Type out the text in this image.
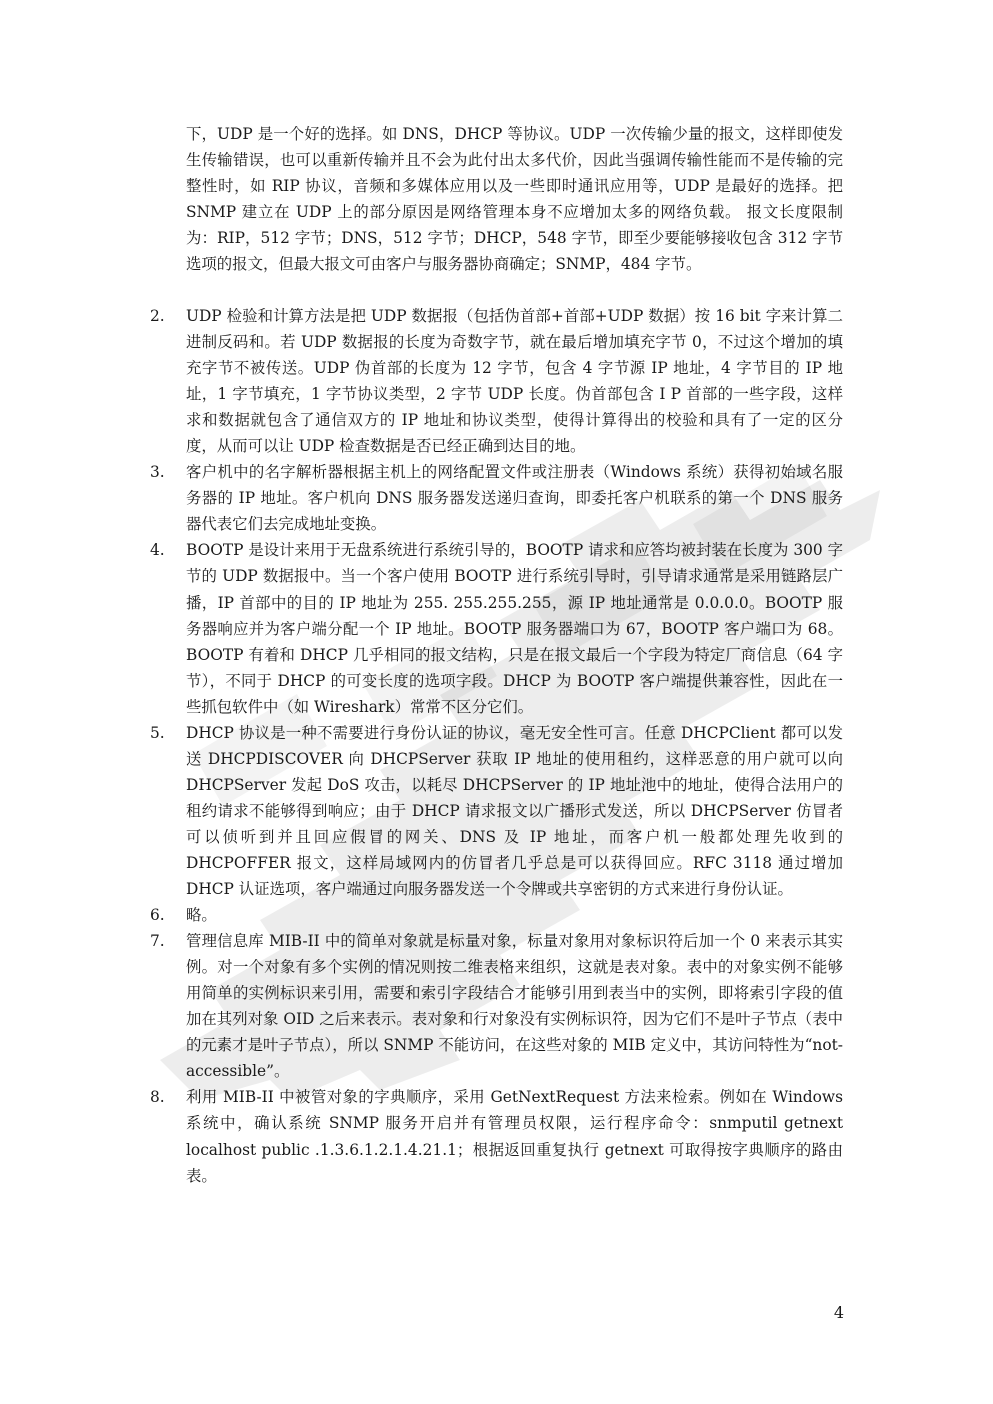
下，UDP 是一个好的选择。如 DNS，DHCP 等协议。UDP 一次传输少量的报文，这样即使发生传输错误，也可以重新传输并且不会为此付出太多代价，因此当强调传输性能而不是传输的完整性时，如 RIP 协议，音频和多媒体应用以及一些即时通讯应用等，UDP 是最好的选择。把 SNMP 建立在 UDP 上的部分原因是网络管理本身不应增加太多的网络负载。 报文长度限制为：RIP，512 字节；DNS，512 字节；DHCP，548 字节，即至少要能够接收包含 312 字节选项的报文，但最大报文可由客户与服务器协商确定；SNMP，484 字节。

2.	UDP 检验和计算方法是把 UDP 数据报（包括伪首部+首部+UDP 数据）按 16 bit 字来计算二进制反码和。若 UDP 数据报的长度为奇数字节，就在最后增加填充字节 0，不过这个增加的填充字节不被传送。UDP 伪首部的长度为 12 字节，包含 4 字节源 IP 地址，4 字节目的 IP 地址，1 字节填充，1 字节协议类型，2 字节 UDP 长度。伪首部包含 I P 首部的一些字段，这样求和数据就包含了通信双方的 IP 地址和协议类型，使得计算得出的校验和具有了一定的区分度，从而可以让 UDP 检查数据是否已经正确到达目的地。
3.	客户机中的名字解析器根据主机上的网络配置文件或注册表（Windows 系统）获得初始域名服务器的 IP 地址。客户机向 DNS 服务器发送递归查询，即委托客户机联系的第一个 DNS 服务器代表它们去完成地址变换。
4.	BOOTP 是设计来用于无盘系统进行系统引导的，BOOTP 请求和应答均被封装在长度为 300 字节的 UDP 数据报中。当一个客户使用 BOOTP 进行系统引导时，引导请求通常是采用链路层广播，IP 首部中的目的 IP 地址为 255. 255.255.255，源 IP 地址通常是 0.0.0.0。BOOTP 服务器响应并为客户端分配一个 IP 地址。BOOTP 服务器端口为 67，BOOTP 客户端口为 68。BOOTP 有着和 DHCP 几乎相同的报文结构，只是在报文最后一个字段为特定厂商信息（64 字节），不同于 DHCP 的可变长度的选项字段。DHCP 为 BOOTP 客户端提供兼容性，因此在一些抓包软件中（如 Wireshark）常常不区分它们。
5.	DHCP 协议是一种不需要进行身份认证的协议，毫无安全性可言。任意 DHCPClient 都可以发送 DHCPDISCOVER 向 DHCPServer 获取 IP 地址的使用租约，这样恶意的用户就可以向 DHCPServer 发起 DoS 攻击，以耗尽 DHCPServer 的 IP 地址池中的地址，使得合法用户的租约请求不能够得到响应；由于 DHCP 请求报文以广播形式发送，所以 DHCPServer 仿冒者可以侦听到并且回应假冒的网关、DNS 及 IP 地址，而客户机一般都处理先收到的 DHCPOFFER 报文，这样局域网内的仿冒者几乎总是可以获得回应。RFC 3118 通过增加 DHCP 认证选项，客户端通过向服务器发送一个令牌或共享密钥的方式来进行身份认证。
6.	略。
7.	管理信息库 MIB-II 中的简单对象就是标量对象，标量对象用对象标识符后加一个 0 来表示其实例。对一个对象有多个实例的情况则按二维表格来组织，这就是表对象。表中的对象实例不能够用简单的实例标识来引用，需要和索引字段结合才能够引用到表当中的实例，即将索引字段的值加在其列对象 OID 之后来表示。表对象和行对象没有实例标识符，因为它们不是叶子节点（表中的元素才是叶子节点），所以 SNMP 不能访问，在这些对象的 MIB 定义中，其访问特性为“not-accessible”。
8.	利用 MIB-II 中被管对象的字典顺序，采用 GetNextRequest 方法来检索。例如在 Windows 系统中，确认系统 SNMP 服务开启并有管理员权限，运行程序命令：snmputil getnext localhost public .1.3.6.1.2.1.4.21.1；根据返回重复执行 getnext 可取得按字典顺序的路由表。
4
